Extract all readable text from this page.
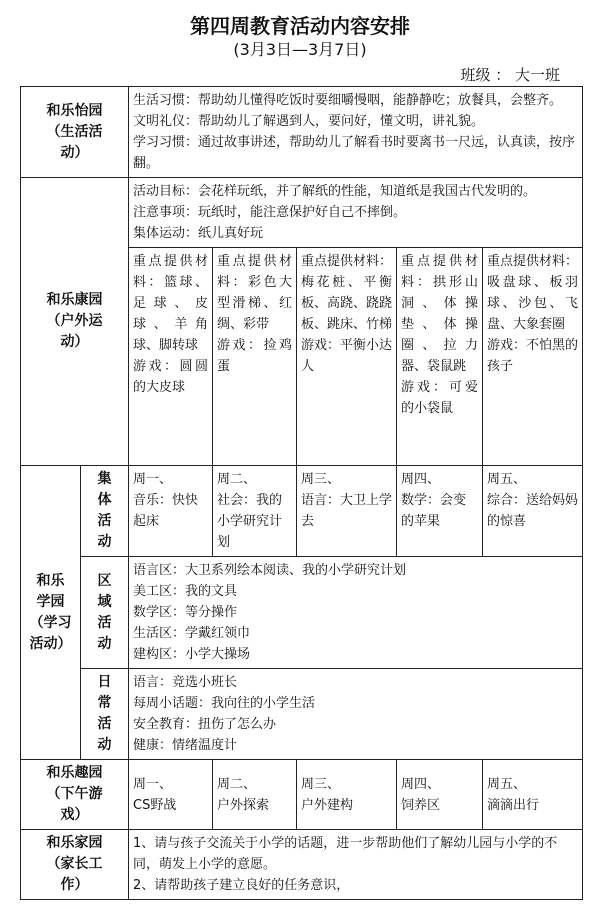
第四周教育活动内容安排
(3月3日—3月7日)
班级 ： 大一班
和乐怡园
（生活活
动）		生活习惯：帮助幼儿懂得吃饭时要细嚼慢咽，能静静吃；放餐具，会整齐。
文明礼仪：帮助幼儿了解遇到人，要问好，懂文明，讲礼貌。
学习习惯：通过故事讲述，帮助幼儿了解看书时要离书一尺远，认真读，按序翻。				

和乐康园
（户外运
动）		活动目标：会花样玩纸，并了解纸的性能，知道纸是我国古代发明的。
注意事项：玩纸时，能注意保护好自己不摔倒。
集体运动：纸儿真好玩				

		重点提供材料：篮球、足球、皮球、羊角球、脚转球
游戏：圆圆的大皮球	重点提供材料：彩色大型滑梯、红绸、彩带
游戏：捡鸡蛋	重点提供材料：梅花桩、平衡板、高跷、跷跷板、跳床、竹梯
游戏：平衡小达人	重点提供材料：拱形山洞、体操垫、体操圈、拉力器、袋鼠跳
游戏：可爱的小袋鼠	重点提供材料：吸盘球、板羽球、沙包、飞盘、大象套圈
游戏：不怕黑的孩子

和乐
学园
（学习
活动）	集体活动	周一、
音乐：快快起床	周二、
社会：我的小学研究计划	周三、
语言：大卫上学去	周四、
数学：会变的苹果	周五、
综合：送给妈妈的惊喜

	区域活动	语言区：大卫系列绘本阅读、我的小学研究计划
美工区：我的文具
数学区：等分操作
生活区：学戴红领巾
建构区：小学大操场				

	日常活动	语言：竞选小班长
每周小话题：我向往的小学生活
安全教育：扭伤了怎么办
健康：情绪温度计				

和乐趣园
（下午游
戏）		周一、
CS野战	周二、
户外探索	周三、
户外建构	周四、
饲养区	周五、
滴滴出行

和乐家园
（家长工
作）		1、请与孩子交流关于小学的话题，进一步帮助他们了解幼儿园与小学的不同，萌发上小学的意愿。
2、请帮助孩子建立良好的任务意识，				
